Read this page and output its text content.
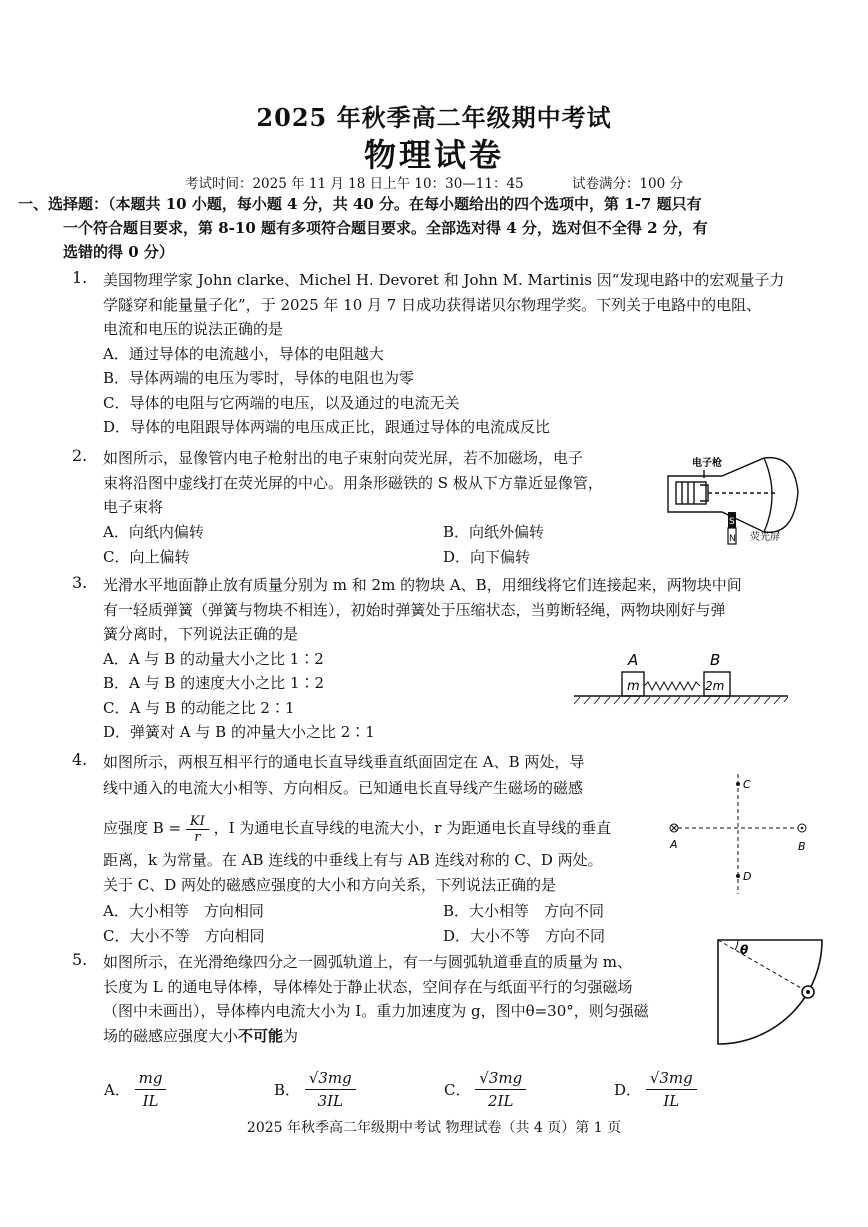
2025 年秋季高二年级期中考试
物理试卷
考试时间：2025 年 11 月 18 日上午 10：30—11：45	试卷满分：100 分
一、选择题：（本题共 10 小题，每小题 4 分，共 40 分。在每小题给出的四个选项中，第 1-7 题只有
一个符合题目要求，第 8-10 题有多项符合题目要求。全部选对得 4 分，选对但不全得 2 分，有
选错的得 0 分）
1. 美国物理学家 John clarke、Michel H. Devoret 和 John M. Martinis 因“发现电路中的宏观量子力
学隧穿和能量量子化”，于 2025 年 10 月 7 日成功获得诺贝尔物理学奖。下列关于电路中的电阻、
电流和电压的说法正确的是
A．通过导体的电流越小，导体的电阻越大
B．导体两端的电压为零时，导体的电阻也为零
C．导体的电阻与它两端的电压，以及通过的电流无关
D．导体的电阻跟导体两端的电压成正比，跟通过导体的电流成反比
2. 如图所示，显像管内电子枪射出的电子束射向荧光屏，若不加磁场，电子
束将沿图中虚线打在荧光屏的中心。用条形磁铁的 S 极从下方靠近显像管，
电子束将
A．向纸内偏转	B．向纸外偏转
C．向上偏转	D．向下偏转
电子枪
S
N 荧光屏
3. 光滑水平地面静止放有质量分别为 m 和 2m 的物块 A、B，用细线将它们连接起来，两物块中间
有一轻质弹簧（弹簧与物块不相连），初始时弹簧处于压缩状态，当剪断轻绳，两物块刚好与弹
簧分离时，下列说法正确的是
A．A 与 B 的动量大小之比 1∶2
B．A 与 B 的速度大小之比 1∶2
C．A 与 B 的动能之比 2∶1
D．弹簧对 A 与 B 的冲量大小之比 2∶1
A	B
m	2m
4. 如图所示，两根互相平行的通电长直导线垂直纸面固定在 A、B 两处，导
线中通入的电流大小相等、方向相反。已知通电长直导线产生磁场的磁感
应强度 $B = \frac{KI}{r}$ ，I 为通电长直导线的电流大小，r 为距通电长直导线的垂直
距离，k 为常量。在 AB 连线的中垂线上有与 AB 连线对称的 C、D 两处。
关于 C、D 两处的磁感应强度的大小和方向关系，下列说法正确的是
A．大小相等　方向相同	B．大小相等　方向不同
C．大小不等　方向相同	D．大小不等　方向不同
A	B
C
D
5. 如图所示，在光滑绝缘四分之一圆弧轨道上，有一与圆弧轨道垂直的质量为 m、
长度为 L 的通电导体棒，导体棒处于静止状态，空间存在与纸面平行的匀强磁场
（图中未画出），导体棒内电流大小为 I。重力加速度为 g，图中θ=30°，则匀强磁
场的磁感应强度大小不可能为
θ
A． $\frac{mg}{IL}$	B． $\frac{√3mg}{3IL}$	C． $\frac{√3mg}{2IL}$	D． $\frac{√3mg}{IL}$
2025 年秋季高二年级期中考试 物理试卷（共 4 页）第 1 页
